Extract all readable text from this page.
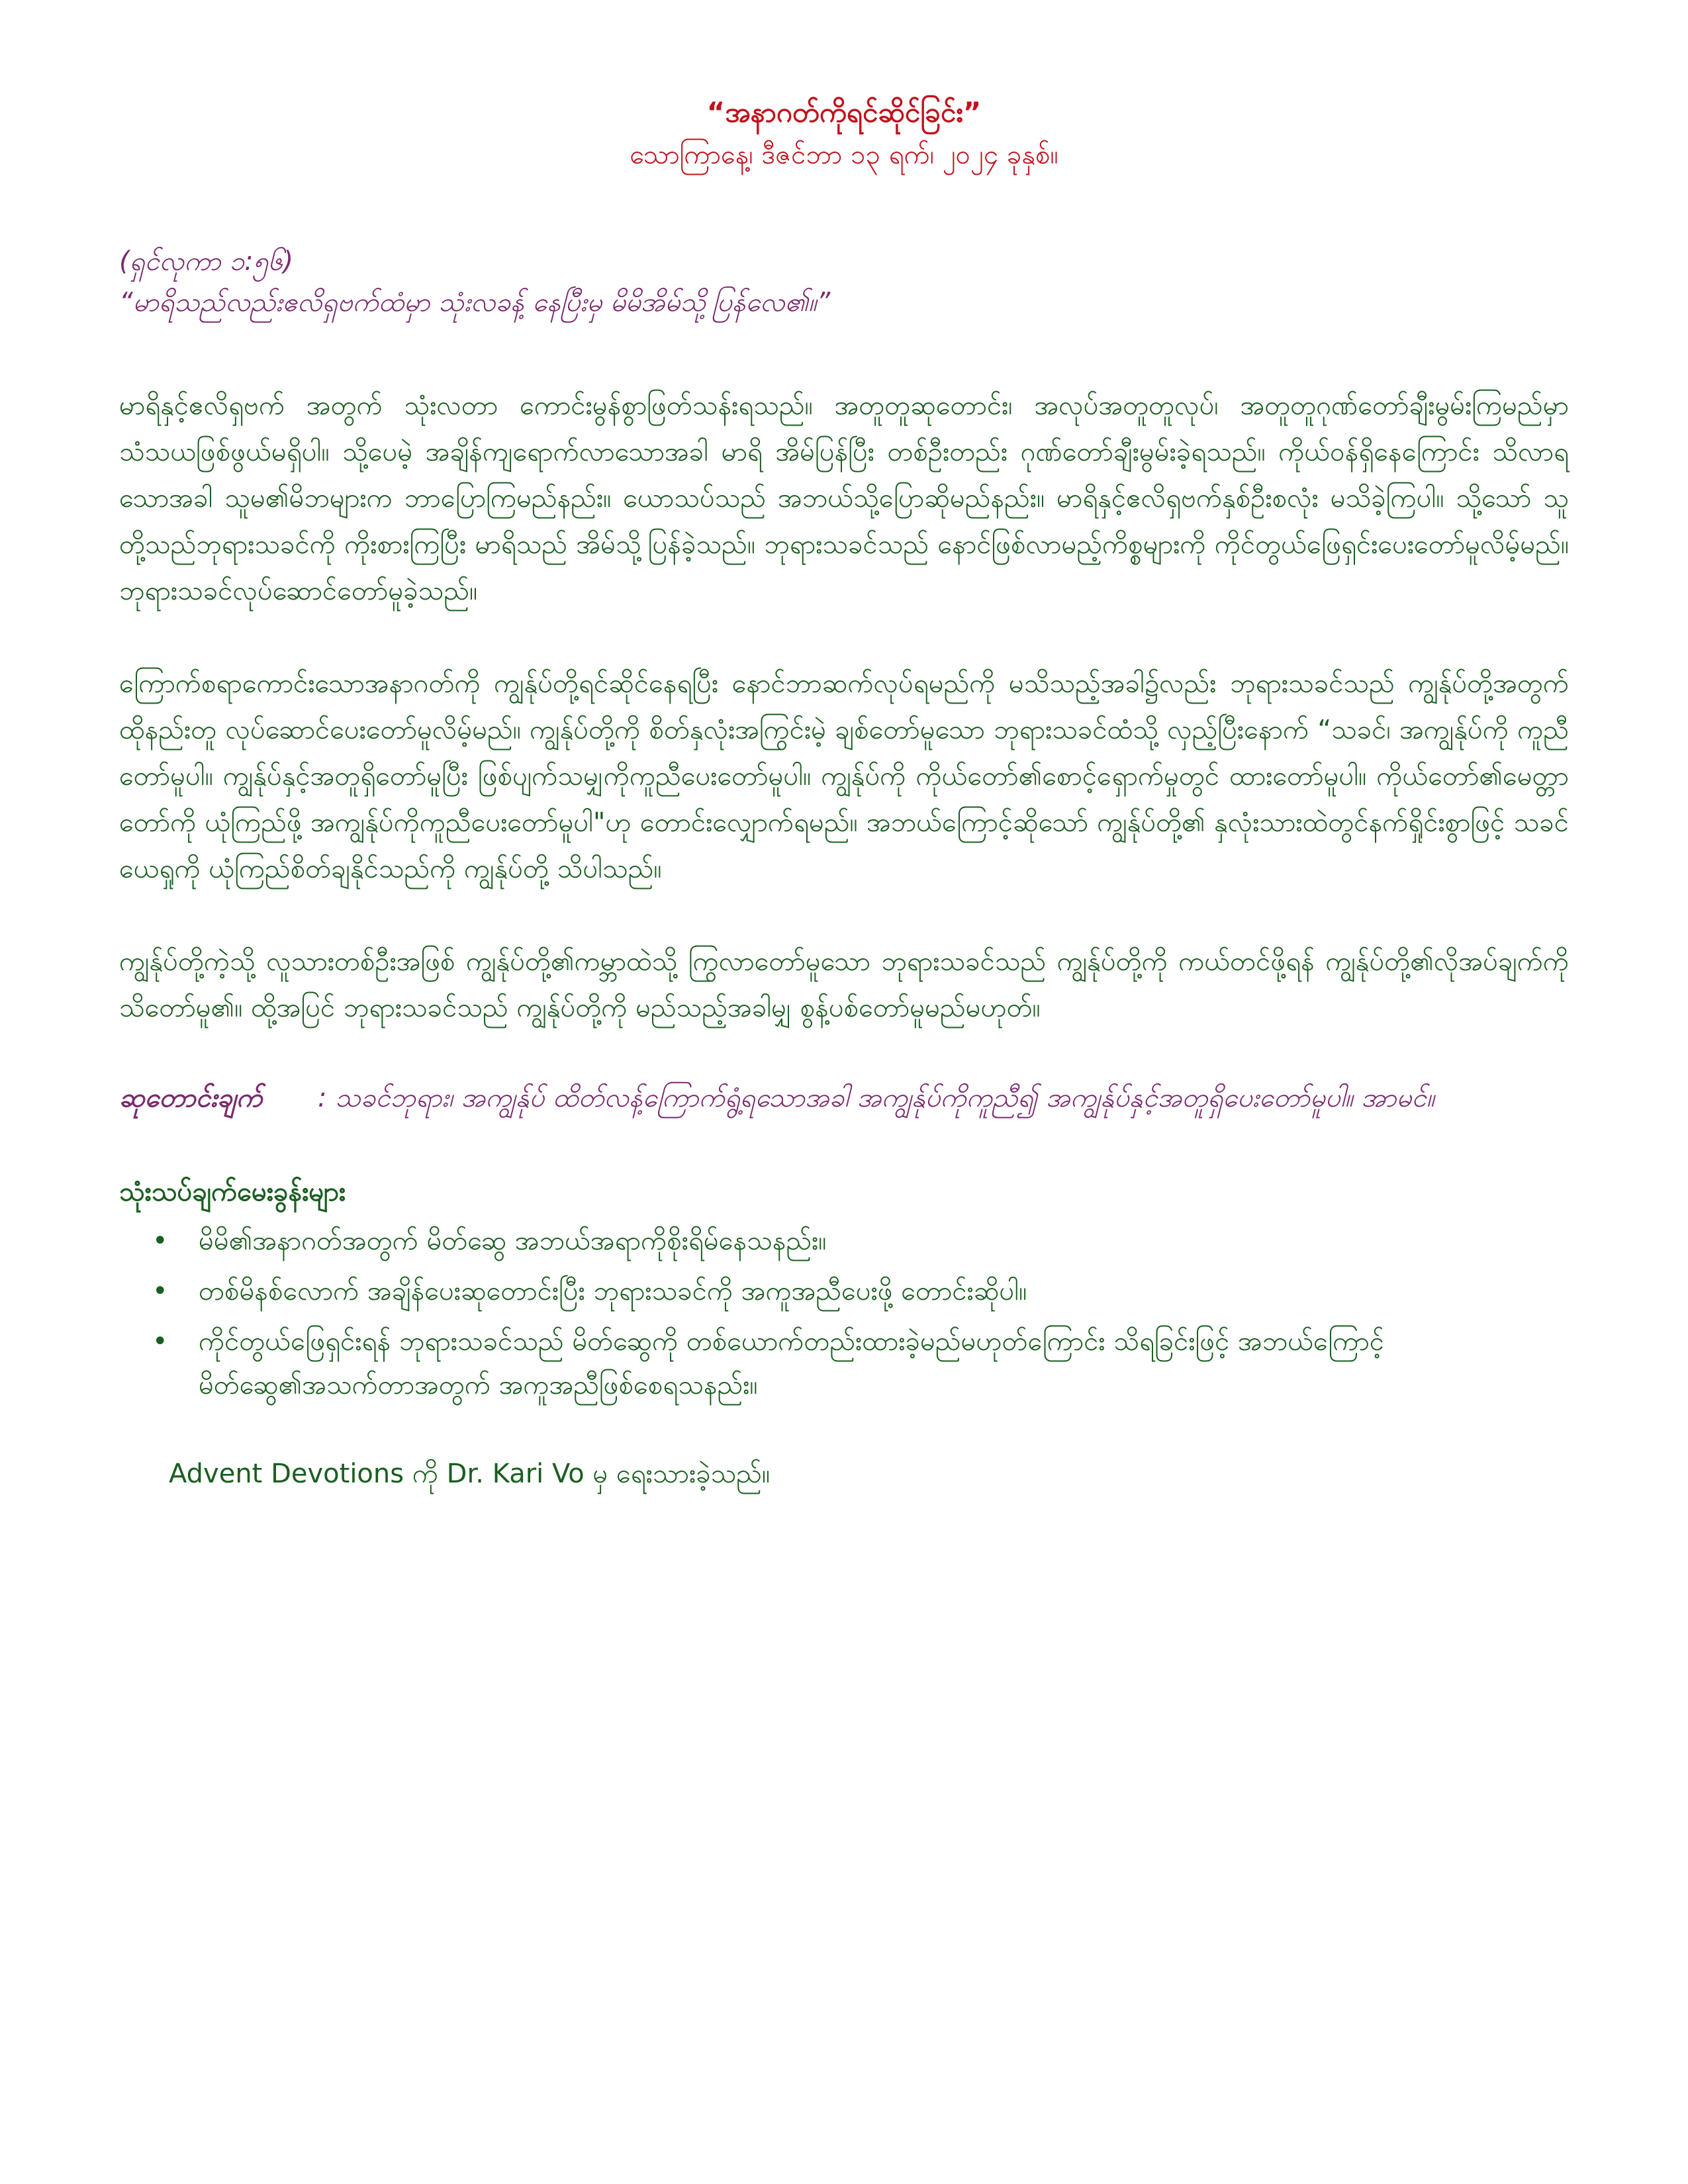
“အနာဂတ်ကိုရင်ဆိုင်ခြင်း”

သောကြာနေ့၊ ဒီဇင်ဘာ ၁၃ ရက်၊ ၂၀၂၄ ခုနှစ်။

(ရှင်လုကာ ၁:၅၆)

“မာရိသည်လည်းဧလိရှဗက်ထံမှာ သုံးလခန့် နေပြီးမှ မိမိအိမ်သို့ပြန်လေ၏။”

မာရိနှင့်ဧလိရှဗက် အတွက် သုံးလတာ ကောင်းမွန်စွာဖြတ်သန်းရသည်။ အတူတူဆုတောင်း၊ အလုပ်အတူတူလုပ်၊ အတူတူဂုဏ်တော်ချီးမွမ်းကြမည်မှာ သံသယဖြစ်ဖွယ်မရှိပါ။ သို့ပေမဲ့ အချိန်ကျရောက်လာသောအခါ မာရိ အိမ်ပြန်ပြီး တစ်ဦးတည်း ဂုဏ်တော်ချီးမွမ်းခဲ့ရသည်။ ကိုယ်ဝန်ရှိနေကြောင်း သိလာရသောအခါ သူမ၏မိဘများက ဘာပြောကြမည်နည်း။ ယောသပ်သည် အဘယ်သို့ပြောဆိုမည်နည်း။ မာရိနှင့်ဧလိရှဗက်နှစ်ဦးစလုံး မသိခဲ့ကြပါ။ သို့သော် သူတို့သည်ဘုရားသခင်ကို ကိုးစားကြပြီး မာရိသည် အိမ်သို့ပြန်ခဲ့သည်။ ဘုရားသခင်သည် နောင်ဖြစ်လာမည့်ကိစ္စများကို ကိုင်တွယ်ဖြေရှင်းပေးတော်မူလိမ့်မည်။ ဘုရားသခင်လုပ်ဆောင်တော်မူခဲ့သည်။

ကြောက်စရာကောင်းသောအနာဂတ်ကို ကျွန်ုပ်တို့ရင်ဆိုင်နေရပြီး နောင်ဘာဆက်လုပ်ရမည်ကို မသိသည့်အခါ၌လည်း ဘုရားသခင်သည် ကျွန်ုပ်တို့အတွက် ထိုနည်းတူ လုပ်ဆောင်ပေးတော်မူလိမ့်မည်။ ကျွန်ုပ်တို့ကို စိတ်နှလုံးအကြွင်းမဲ့ ချစ်တော်မူသော ဘုရားသခင်ထံသို့ လှည့်ပြီးနောက် “သခင်၊ အကျွန်ုပ်ကို ကူညီတော်မူပါ။ ကျွန်ုပ်နှင့်အတူရှိတော်မူပြီး ဖြစ်ပျက်သမျှကိုကူညီပေးတော်မူပါ။ ကျွန်ုပ်ကို ကိုယ်တော်၏စောင့်ရှောက်မှုတွင် ထားတော်မူပါ။ ကိုယ်တော်၏မေတ္တာတော်ကို ယုံကြည်ဖို့ အကျွန်ုပ်ကိုကူညီပေးတော်မူပါ"ဟု တောင်းလျှောက်ရမည်။ အဘယ်ကြောင့်ဆိုသော် ကျွန်ုပ်တို့၏ နှလုံးသားထဲတွင်နက်ရှိုင်းစွာဖြင့် သခင်ယေရှုကို ယုံကြည်စိတ်ချနိုင်သည်ကို ကျွန်ုပ်တို့ သိပါသည်။

ကျွန်ုပ်တို့ကဲ့သို့ လူသားတစ်ဦးအဖြစ် ကျွန်ုပ်တို့၏ကမ္ဘာထဲသို့ ကြွလာတော်မူသော ဘုရားသခင်သည် ကျွန်ုပ်တို့ကို ကယ်တင်ဖို့ရန် ကျွန်ုပ်တို့၏လိုအပ်ချက်ကို သိတော်မူ၏။ ထို့အပြင် ဘုရားသခင်သည် ကျွန်ုပ်တို့ကို မည်သည့်အခါမျှ စွန့်ပစ်တော်မူမည်မဟုတ်။

ဆုတောင်းချက် : သခင်ဘုရား၊ အကျွန်ုပ် ထိတ်လန့်ကြောက်ရွံ့ရသောအခါ အကျွန်ုပ်ကိုကူညီ၍ အကျွန်ုပ်နှင့်အတူရှိပေးတော်မူပါ။ အာမင်။
သုံးသပ်ချက်မေးခွန်းများ
• မိမိ၏အနာဂတ်အတွက် မိတ်ဆွေ အဘယ်အရာကိုစိုးရိမ်နေသနည်း။
• တစ်မိနစ်လောက် အချိန်ပေးဆုတောင်းပြီး ဘုရားသခင်ကို အကူအညီပေးဖို့ တောင်းဆိုပါ။
• ကိုင်တွယ်ဖြေရှင်းရန် ဘုရားသခင်သည် မိတ်ဆွေကို တစ်ယောက်တည်းထားခဲ့မည်မဟုတ်ကြောင်း သိရခြင်းဖြင့် အဘယ်ကြောင့် မိတ်ဆွေ၏အသက်တာအတွက် အကူအညီဖြစ်စေရသနည်း။

Advent Devotions ကို Dr. Kari Vo မှ ရေးသားခဲ့သည်။
